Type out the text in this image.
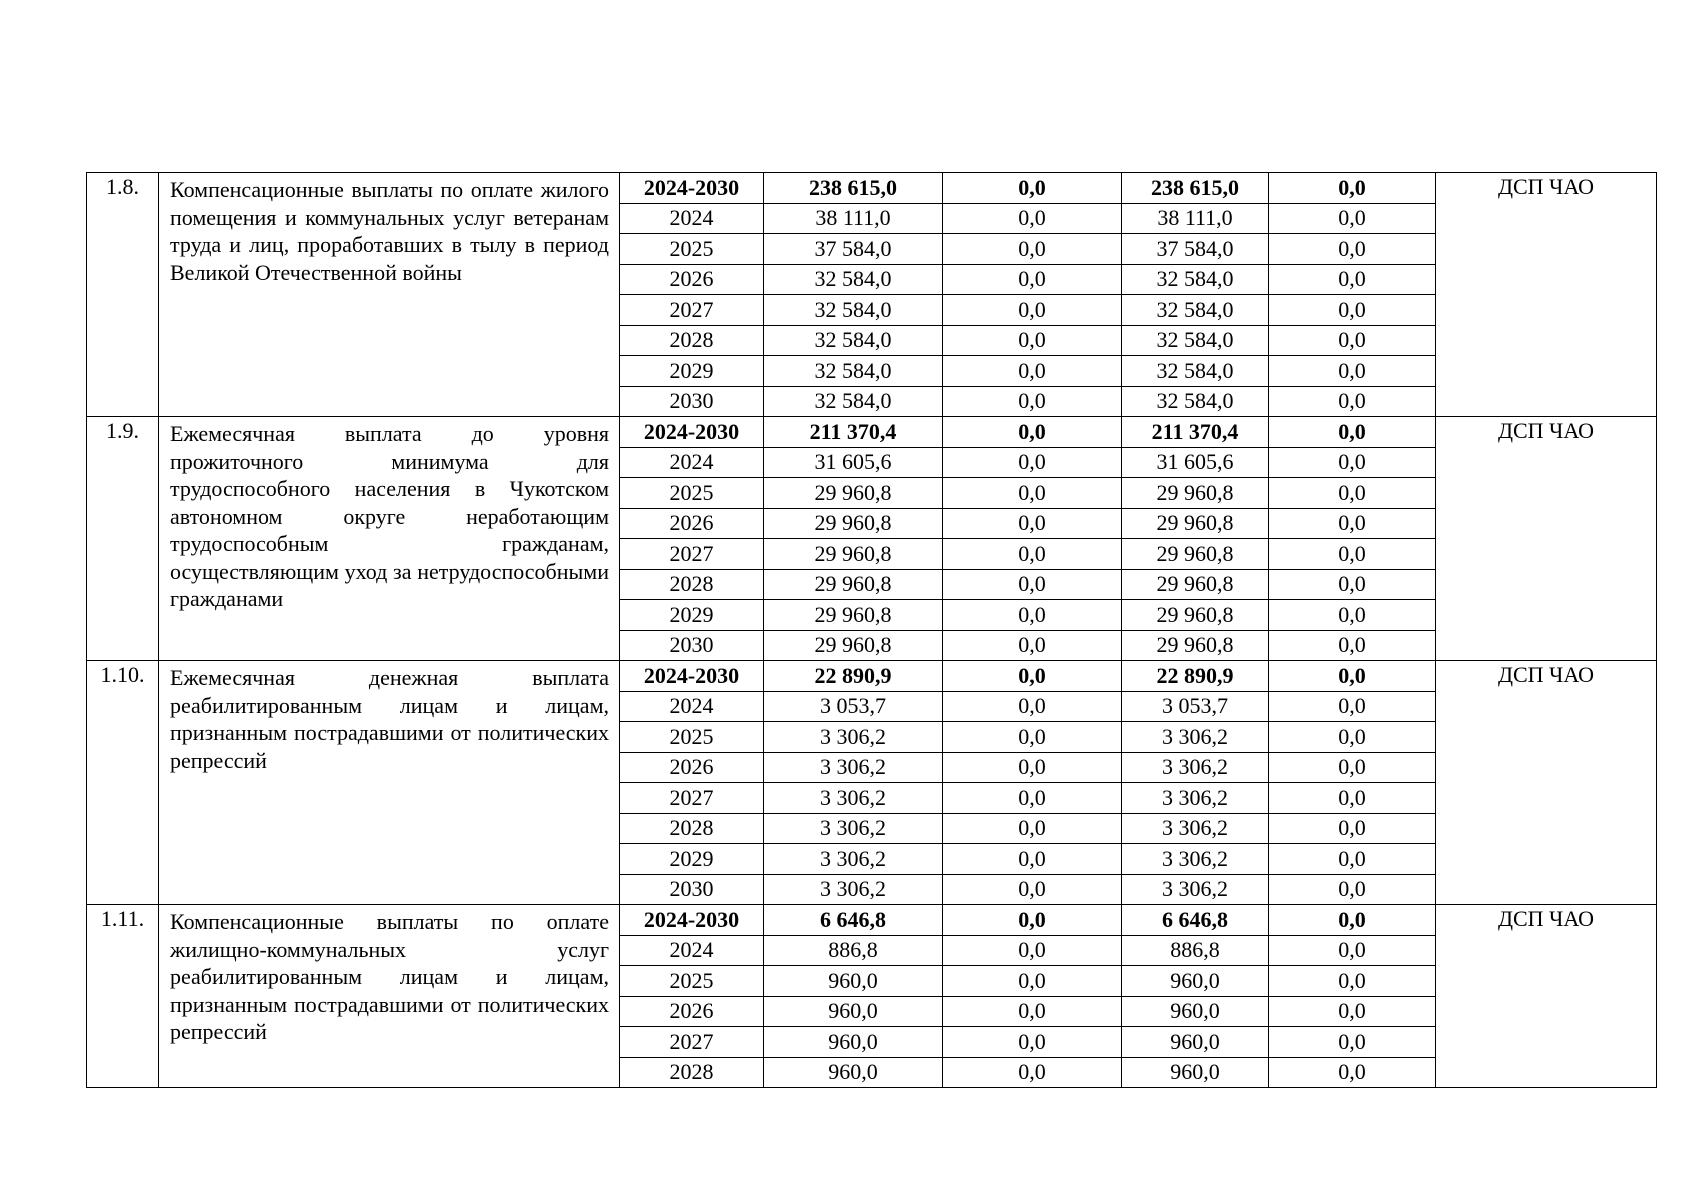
1.8.	Компенсационные выплаты по оплате жилого помещения и коммунальных услуг ветеранам труда и лиц, проработавших в тылу в период Великой Отечественной войны	2024-2030	238 615,0	0,0	238 615,0	0,0	ДСП ЧАО
		2024	38 111,0	0,0	38 111,0	0,0	
		2025	37 584,0	0,0	37 584,0	0,0	
		2026	32 584,0	0,0	32 584,0	0,0	
		2027	32 584,0	0,0	32 584,0	0,0	
		2028	32 584,0	0,0	32 584,0	0,0	
		2029	32 584,0	0,0	32 584,0	0,0	
		2030	32 584,0	0,0	32 584,0	0,0	
1.9.	Ежемесячная выплата до уровня прожиточного минимума для трудоспособного населения в Чукотском автономном округе неработающим трудоспособным гражданам, осуществляющим уход за нетрудоспособными гражданами	2024-2030	211 370,4	0,0	211 370,4	0,0	ДСП ЧАО
		2024	31 605,6	0,0	31 605,6	0,0	
		2025	29 960,8	0,0	29 960,8	0,0	
		2026	29 960,8	0,0	29 960,8	0,0	
		2027	29 960,8	0,0	29 960,8	0,0	
		2028	29 960,8	0,0	29 960,8	0,0	
		2029	29 960,8	0,0	29 960,8	0,0	
		2030	29 960,8	0,0	29 960,8	0,0	
1.10.	Ежемесячная денежная выплата реабилитированным лицам и лицам, признанным пострадавшими от политических репрессий	2024-2030	22 890,9	0,0	22 890,9	0,0	ДСП ЧАО
		2024	3 053,7	0,0	3 053,7	0,0	
		2025	3 306,2	0,0	3 306,2	0,0	
		2026	3 306,2	0,0	3 306,2	0,0	
		2027	3 306,2	0,0	3 306,2	0,0	
		2028	3 306,2	0,0	3 306,2	0,0	
		2029	3 306,2	0,0	3 306,2	0,0	
		2030	3 306,2	0,0	3 306,2	0,0	
1.11.	Компенсационные выплаты по оплате жилищно-коммунальных услуг реабилитированным лицам и лицам, признанным пострадавшими от политических репрессий	2024-2030	6 646,8	0,0	6 646,8	0,0	ДСП ЧАО
		2024	886,8	0,0	886,8	0,0	
		2025	960,0	0,0	960,0	0,0	
		2026	960,0	0,0	960,0	0,0	
		2027	960,0	0,0	960,0	0,0	
		2028	960,0	0,0	960,0	0,0	
